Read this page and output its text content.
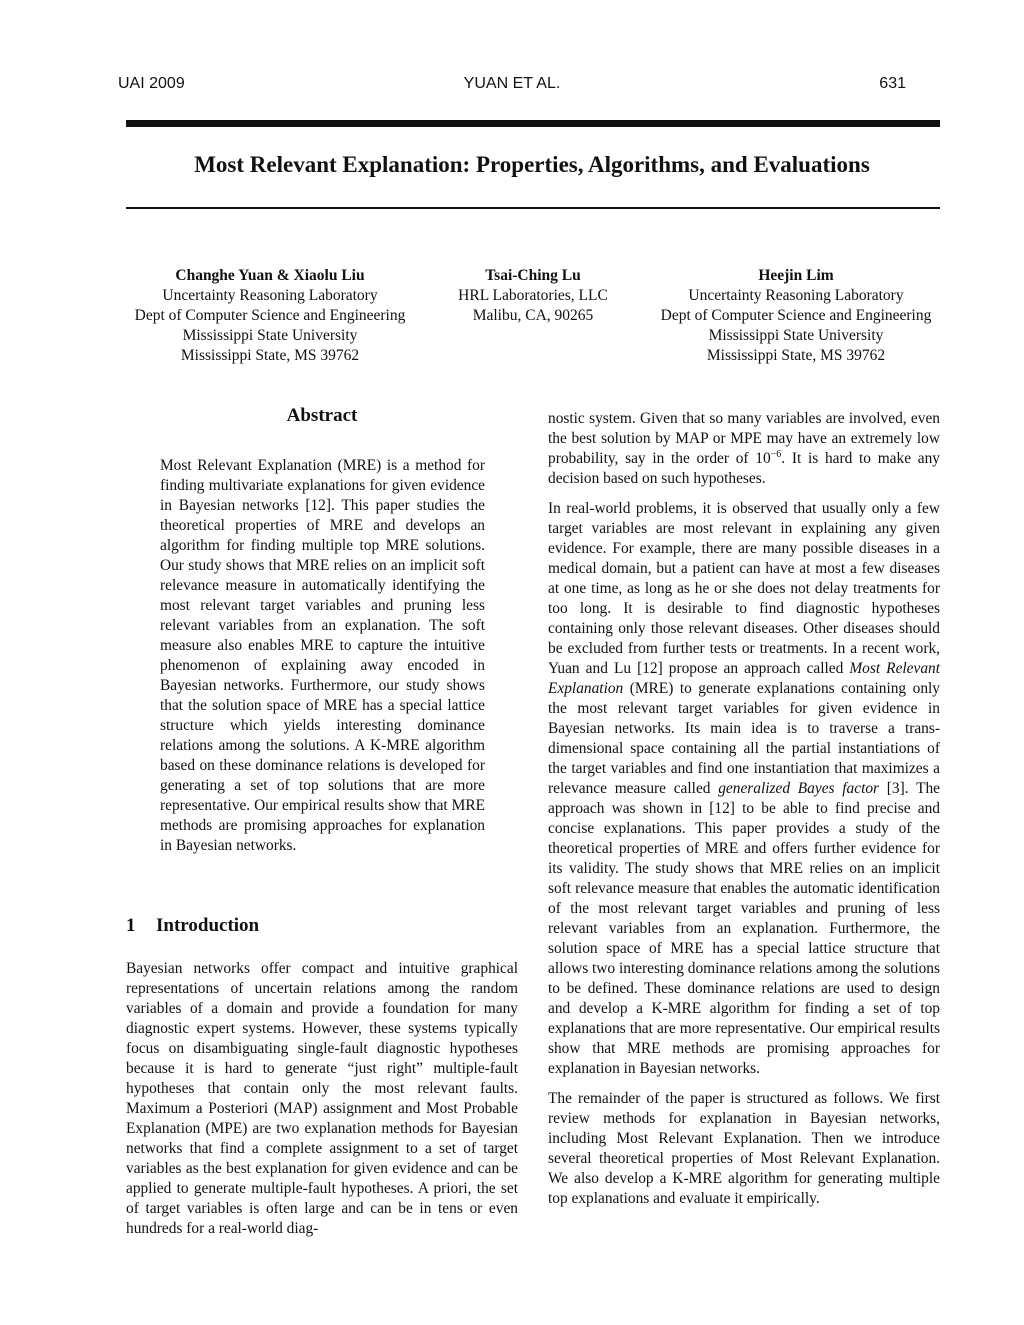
UAI 2009	YUAN ET AL.	631
Most Relevant Explanation: Properties, Algorithms, and Evaluations
Changhe Yuan & Xiaolu Liu
Uncertainty Reasoning Laboratory
Dept of Computer Science and Engineering
Mississippi State University
Mississippi State, MS 39762
Tsai-Ching Lu
HRL Laboratories, LLC
Malibu, CA, 90265
Heejin Lim
Uncertainty Reasoning Laboratory
Dept of Computer Science and Engineering
Mississippi State University
Mississippi State, MS 39762
Abstract

Most Relevant Explanation (MRE) is a method for finding multivariate explanations for given evidence in Bayesian networks [12]. This paper studies the theoretical properties of MRE and develops an algorithm for finding multiple top MRE solutions. Our study shows that MRE relies on an implicit soft relevance measure in automatically identifying the most relevant target variables and pruning less relevant variables from an explanation. The soft measure also enables MRE to capture the intuitive phenomenon of explaining away encoded in Bayesian networks. Furthermore, our study shows that the solution space of MRE has a special lattice structure which yields interesting dominance relations among the solutions. A K-MRE algorithm based on these dominance relations is developed for generating a set of top solutions that are more representative. Our empirical results show that MRE methods are promising approaches for explanation in Bayesian networks.

1 Introduction

Bayesian networks offer compact and intuitive graphical representations of uncertain relations among the random variables of a domain and provide a foundation for many diagnostic expert systems. However, these systems typically focus on disambiguating single-fault diagnostic hypotheses because it is hard to generate “just right” multiple-fault hypotheses that contain only the most relevant faults. Maximum a Posteriori (MAP) assignment and Most Probable Explanation (MPE) are two explanation methods for Bayesian networks that find a complete assignment to a set of target variables as the best explanation for given evidence and can be applied to generate multiple-fault hypotheses. A priori, the set of target variables is often large and can be in tens or even hundreds for a real-world diag-

nostic system. Given that so many variables are involved, even the best solution by MAP or MPE may have an extremely low probability, say in the order of $10^{-6}$. It is hard to make any decision based on such hypotheses.

In real-world problems, it is observed that usually only a few target variables are most relevant in explaining any given evidence. For example, there are many possible diseases in a medical domain, but a patient can have at most a few diseases at one time, as long as he or she does not delay treatments for too long. It is desirable to find diagnostic hypotheses containing only those relevant diseases. Other diseases should be excluded from further tests or treatments. In a recent work, Yuan and Lu [12] propose an approach called Most Relevant Explanation (MRE) to generate explanations containing only the most relevant target variables for given evidence in Bayesian networks. Its main idea is to traverse a trans-dimensional space containing all the partial instantiations of the target variables and find one instantiation that maximizes a relevance measure called generalized Bayes factor [3]. The approach was shown in [12] to be able to find precise and concise explanations. This paper provides a study of the theoretical properties of MRE and offers further evidence for its validity. The study shows that MRE relies on an implicit soft relevance measure that enables the automatic identification of the most relevant target variables and pruning of less relevant variables from an explanation. Furthermore, the solution space of MRE has a special lattice structure that allows two interesting dominance relations among the solutions to be defined. These dominance relations are used to design and develop a K-MRE algorithm for finding a set of top explanations that are more representative. Our empirical results show that MRE methods are promising approaches for explanation in Bayesian networks.

The remainder of the paper is structured as follows. We first review methods for explanation in Bayesian networks, including Most Relevant Explanation. Then we introduce several theoretical properties of Most Relevant Explanation. We also develop a K-MRE algorithm for generating multiple top explanations and evaluate it empirically.
